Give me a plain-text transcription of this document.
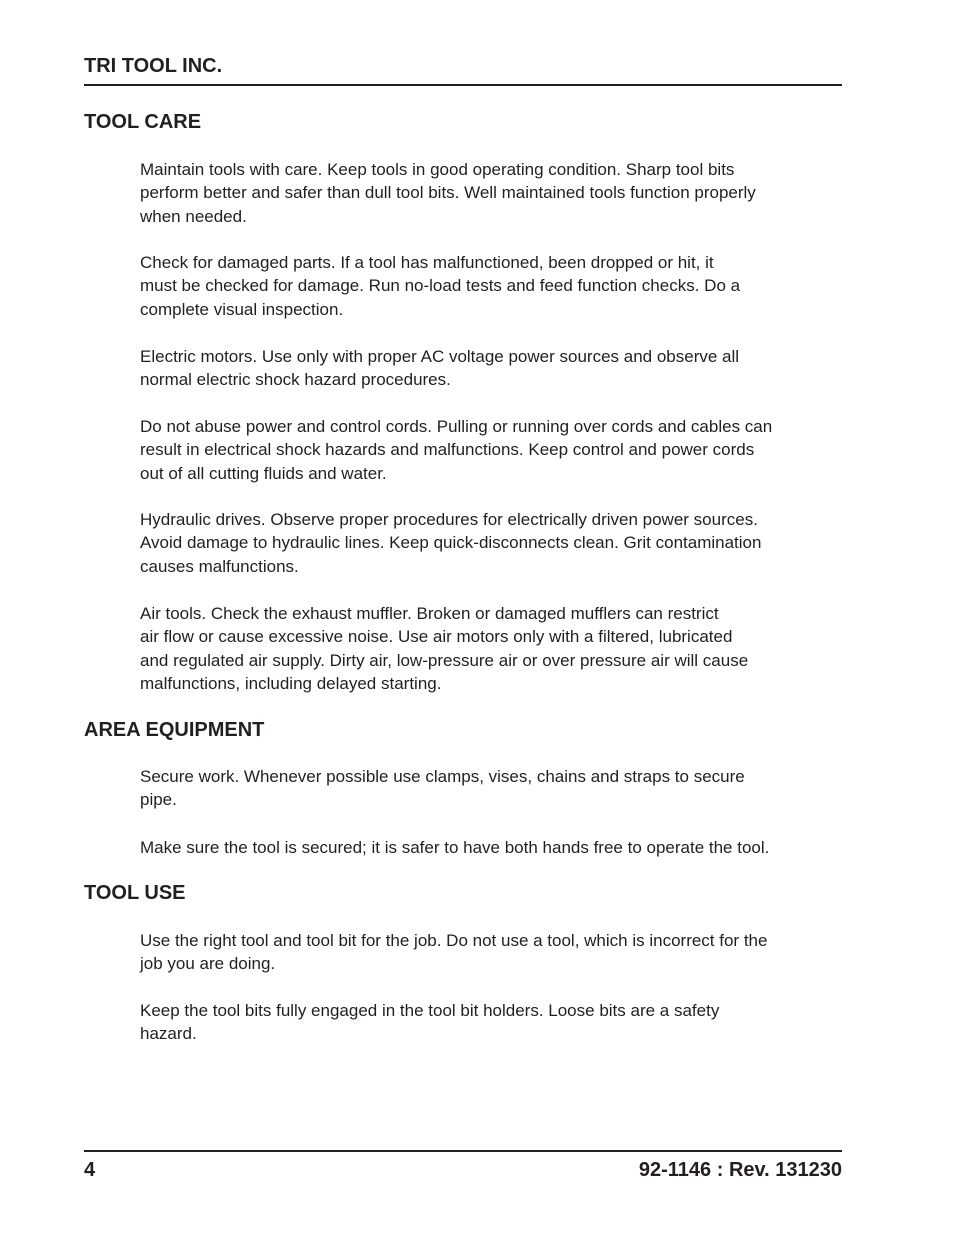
TRI TOOL INC.
TOOL CARE

Maintain tools with care. Keep tools in good operating condition. Sharp tool bits
perform better and safer than dull tool bits. Well maintained tools function properly
when needed.

Check for damaged parts. If a tool has malfunctioned, been dropped or hit, it
must be checked for damage. Run no-load tests and feed function checks. Do a
complete visual inspection.

Electric motors. Use only with proper AC voltage power sources and observe all
normal electric shock hazard procedures.

Do not abuse power and control cords. Pulling or running over cords and cables can
result in electrical shock hazards and malfunctions. Keep control and power cords
out of all cutting fluids and water.

Hydraulic drives. Observe proper procedures for electrically driven power sources.
Avoid damage to hydraulic lines. Keep quick-disconnects clean. Grit contamination
causes malfunctions.

Air tools. Check the exhaust muffler. Broken or damaged mufflers can restrict
air flow or cause excessive noise. Use air motors only with a filtered, lubricated
and regulated air supply. Dirty air, low-pressure air or over pressure air will cause
malfunctions, including delayed starting.

AREA EQUIPMENT

Secure work. Whenever possible use clamps, vises, chains and straps to secure
pipe.

Make sure the tool is secured; it is safer to have both hands free to operate the tool.

TOOL USE

Use the right tool and tool bit for the job. Do not use a tool, which is incorrect for the
job you are doing.

Keep the tool bits fully engaged in the tool bit holders. Loose bits are a safety
hazard.

4	92-1146 : Rev. 131230
